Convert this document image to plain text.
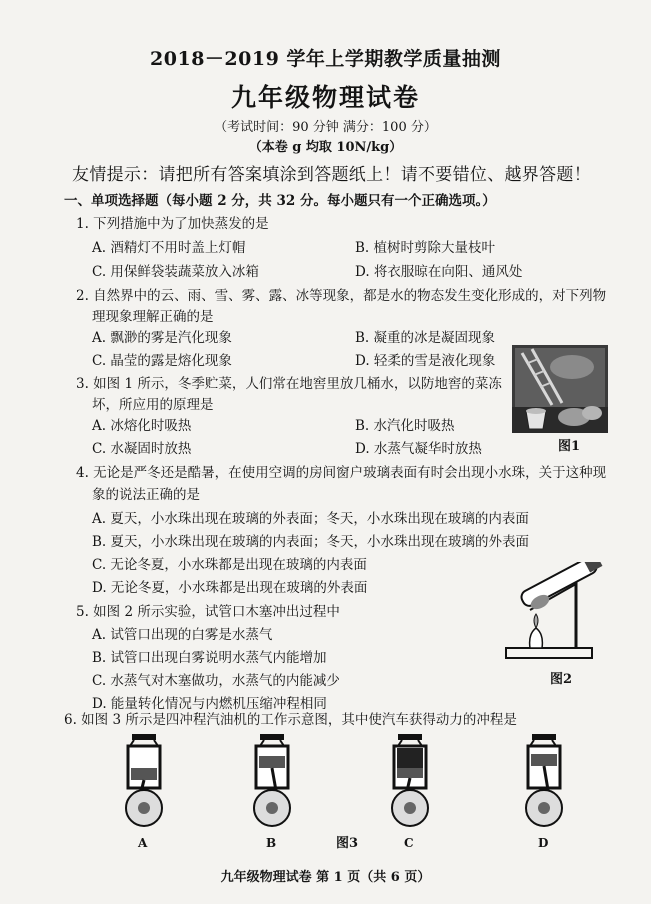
2018－2019 学年上学期教学质量抽测
九年级物理试卷
（考试时间：90 分钟 满分：100 分）
（本卷 g 均取 10N/kg）
友情提示：请把所有答案填涂到答题纸上！请不要错位、越界答题！
一、单项选择题（每小题 2 分，共 32 分。每小题只有一个正确选项。）
1. 下列措施中为了加快蒸发的是
A. 酒精灯不用时盖上灯帽	B. 植树时剪除大量枝叶
C. 用保鲜袋装蔬菜放入冰箱	D. 将衣服晾在向阳、通风处
2. 自然界中的云、雨、雪、雾、露、冰等现象，都是水的物态发生变化形成的，对下列物
理现象理解正确的是
A. 飘渺的雾是汽化现象	B. 凝重的冰是凝固现象
C. 晶莹的露是熔化现象	D. 轻柔的雪是液化现象
3. 如图 1 所示，冬季贮菜，人们常在地窖里放几桶水，以防地窖的菜冻
坏，所应用的原理是
A. 冰熔化时吸热	B. 水汽化时吸热
C. 水凝固时放热	D. 水蒸气凝华时放热	图1
4. 无论是严冬还是酷暑，在使用空调的房间窗户玻璃表面有时会出现小水珠，关于这种现
象的说法正确的是
A. 夏天，小水珠出现在玻璃的外表面；冬天，小水珠出现在玻璃的内表面
B. 夏天，小水珠出现在玻璃的内表面；冬天，小水珠出现在玻璃的外表面
C. 无论冬夏，小水珠都是出现在玻璃的内表面
D. 无论冬夏，小水珠都是出现在玻璃的外表面
5. 如图 2 所示实验，试管口木塞冲出过程中
A. 试管口出现的白雾是水蒸气
B. 试管口出现白雾说明水蒸气内能增加
C. 水蒸气对木塞做功，水蒸气的内能减少
D. 能量转化情况与内燃机压缩冲程相同
图2
6. 如图 3 所示是四冲程汽油机的工作示意图，其中使汽车获得动力的冲程是
A	B	图3	C	D
九年级物理试卷 第 1 页（共 6 页）
